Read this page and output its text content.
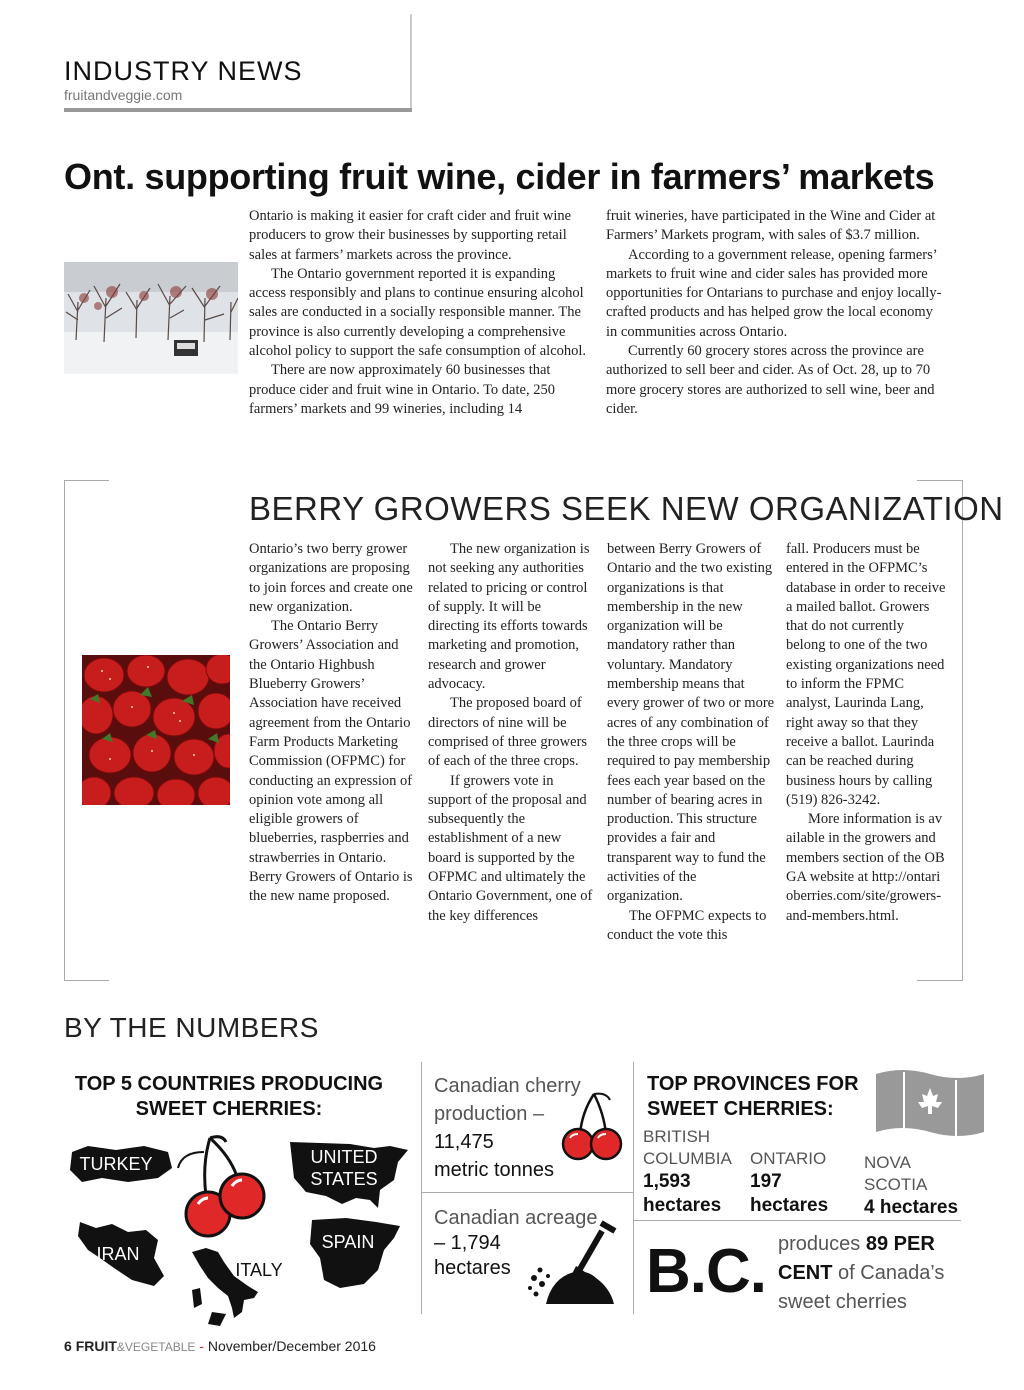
INDUSTRY NEWS
fruitandveggie.com
Ont. supporting fruit wine, cider in farmers’ markets

Ontario is making it easier for craft cider and fruit wine producers to grow their businesses by supporting retail sales at farmers’ markets across the province.

The Ontario government reported it is expanding access responsibly and plans to continue ensuring alcohol sales are conducted in a socially responsible manner. The province is also currently developing a comprehensive alcohol policy to support the safe consumption of alcohol.

There are now approximately 60 businesses that produce cider and fruit wine in Ontario. To date, 250 farmers’ markets and 99 wineries, including 14

fruit wineries, have participated in the Wine and Cider at Farmers’ Markets program, with sales of $3.7 million.

According to a government release, opening farmers’ markets to fruit wine and cider sales has provided more opportunities for Ontarians to purchase and enjoy locally-crafted products and has helped grow the local economy in communities across Ontario.

Currently 60 grocery stores across the province are authorized to sell beer and cider. As of Oct. 28, up to 70 more grocery stores are authorized to sell wine, beer and cider.

BERRY GROWERS SEEK NEW ORGANIZATION

Ontario’s two berry grower organizations are proposing to join forces and create one new organization.

The Ontario Berry Growers’ Association and the Ontario Highbush Blueberry Growers’ Association have received agreement from the Ontario Farm Products Marketing Commission (OFPMC) for conducting an expression of opinion vote among all eligible growers of blueberries, raspberries and strawberries in Ontario. Berry Growers of Ontario is the new name proposed.

The new organization is not seeking any authorities related to pricing or control of supply. It will be directing its efforts towards marketing and promotion, research and grower advocacy.

The proposed board of directors of nine will be comprised of three growers of each of the three crops.

If growers vote in support of the proposal and subsequently the establishment of a new board is supported by the OFPMC and ultimately the Ontario Government, one of the key differences

between Berry Growers of Ontario and the two existing organizations is that membership in the new organization will be mandatory rather than voluntary. Mandatory membership means that every grower of two or more acres of any combination of the three crops will be required to pay membership fees each year based on the number of bearing acres in production. This structure provides a fair and transparent way to fund the activities of the organization.

The OFPMC expects to conduct the vote this

fall. Producers must be entered in the OFPMC’s database in order to receive a mailed ballot. Growers that do not currently belong to one of the two existing organizations need to inform the FPMC analyst, Laurinda Lang, right away so that they receive a ballot. Laurinda can be reached during business hours by calling (519) 826-3242.

More information is available in the growers and members section of the OBGA website at http://ontarioberries.com/site/growers-and-members.html.

BY THE NUMBERS
TOP 5 COUNTRIES PRODUCING SWEET CHERRIES:
TURKEY	UNITED STATES
IRAN
ITALY
SPAIN
Canadian cherry production –
11,475
metric tonnes
Canadian acreage
– 1,794
hectares
TOP PROVINCES FOR SWEET CHERRIES:
BRITISH
COLUMBIA
1,593
hectares
ONTARIO
197
hectares
NOVA
SCOTIA
4 hectares
B.C. produces 89 PER
CENT of Canada’s
sweet cherries
6 FRUIT&VEGETABLE - November/December 2016
